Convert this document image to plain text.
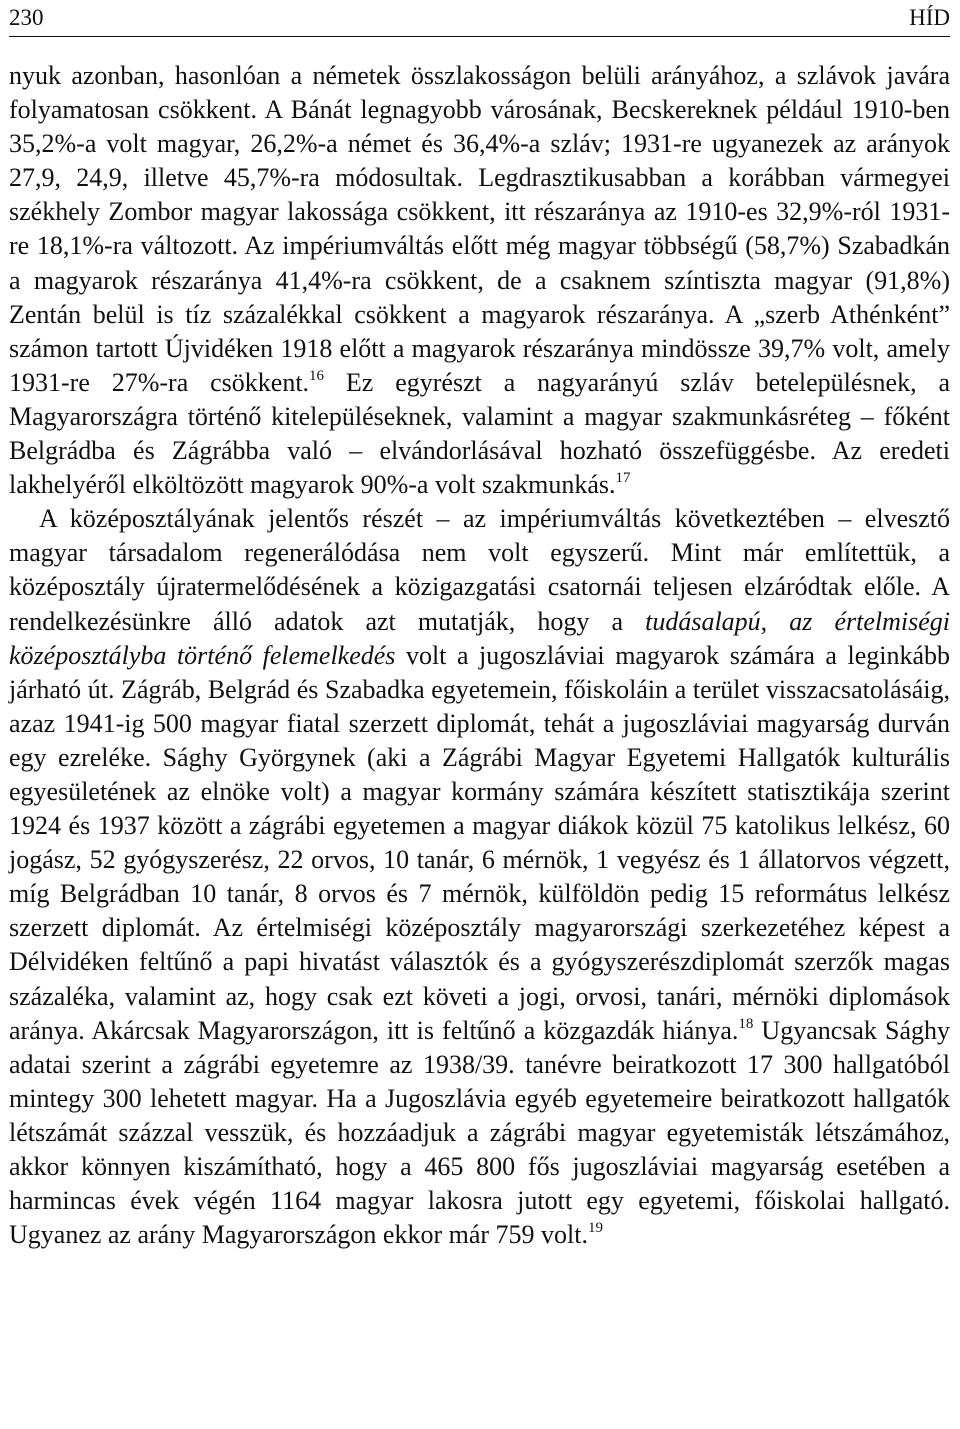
230	HÍD

nyuk azonban, hasonlóan a németek összlakosságon belüli arányához, a szlávok javára folyamatosan csökkent. A Bánát legnagyobb városának, Becskereknek például 1910-ben 35,2%-a volt magyar, 26,2%-a német és 36,4%-a szláv; 1931-re ugyanezek az arányok 27,9, 24,9, illetve 45,7%-ra módosultak. Legdrasztikusabban a korábban vármegyei székhely Zombor magyar lakossága csökkent, itt részaránya az 1910-es 32,9%-ról 1931-re 18,1%-ra változott. Az impériumváltás előtt még magyar többségű (58,7%) Szabadkán a magyarok részaránya 41,4%-ra csökkent, de a csaknem színtiszta magyar (91,8%) Zentán belül is tíz százalékkal csökkent a magyarok részaránya. A „szerb Athénként” számon tartott Újvidéken 1918 előtt a magyarok részaránya mindössze 39,7% volt, amely 1931-re 27%-ra csökkent.$^{16}$ Ez egyrészt a nagyarányú szláv betelepülésnek, a Magyarországra történő kitelepüléseknek, valamint a magyar szakmunkásréteg – főként Belgrádba és Zágrábba való – elvándorlásával hozható összefüggésbe. Az eredeti lakhelyéről elköltözött magyarok 90%-a volt szakmunkás.$^{17}$

A középosztályának jelentős részét – az impériumváltás következtében – elvesztő magyar társadalom regenerálódása nem volt egyszerű. Mint már említettük, a középosztály újratermelődésének a közigazgatási csatornái teljesen elzáródtak előle. A rendelkezésünkre álló adatok azt mutatják, hogy a tudásalapú, az értelmiségi középosztályba történő felemelkedés volt a jugoszláviai magyarok számára a leginkább járható út. Zágráb, Belgrád és Szabadka egyetemein, főiskoláin a terület visszacsatolásáig, azaz 1941-ig 500 magyar fiatal szerzett diplomát, tehát a jugoszláviai magyarság durván egy ezreléke. Sághy Györgynek (aki a Zágrábi Magyar Egyetemi Hallgatók kulturális egyesületének az elnöke volt) a magyar kormány számára készített statisztikája szerint 1924 és 1937 között a zágrábi egyetemen a magyar diákok közül 75 katolikus lelkész, 60 jogász, 52 gyógyszerész, 22 orvos, 10 tanár, 6 mérnök, 1 vegyész és 1 állatorvos végzett, míg Belgrádban 10 tanár, 8 orvos és 7 mérnök, külföldön pedig 15 református lelkész szerzett diplomát. Az értelmiségi középosztály magyarországi szerkezetéhez képest a Délvidéken feltűnő a papi hivatást választók és a gyógyszerészdiplomát szerzők magas százaléka, valamint az, hogy csak ezt követi a jogi, orvosi, tanári, mérnöki diplomások aránya. Akárcsak Magyarországon, itt is feltűnő a közgazdák hiánya.$^{18}$ Ugyancsak Sághy adatai szerint a zágrábi egyetemre az 1938/39. tanévre beiratkozott 17 300 hallgatóból mintegy 300 lehetett magyar. Ha a Jugoszlávia egyéb egyetemeire beiratkozott hallgatók létszámát százzal vesszük, és hozzáadjuk a zágrábi magyar egyetemisták létszámához, akkor könnyen kiszámítható, hogy a 465 800 fős jugoszláviai magyarság esetében a harmincas évek végén 1164 magyar lakosra jutott egy egyetemi, főiskolai hallgató. Ugyanez az arány Magyarországon ekkor már 759 volt.$^{19}$
